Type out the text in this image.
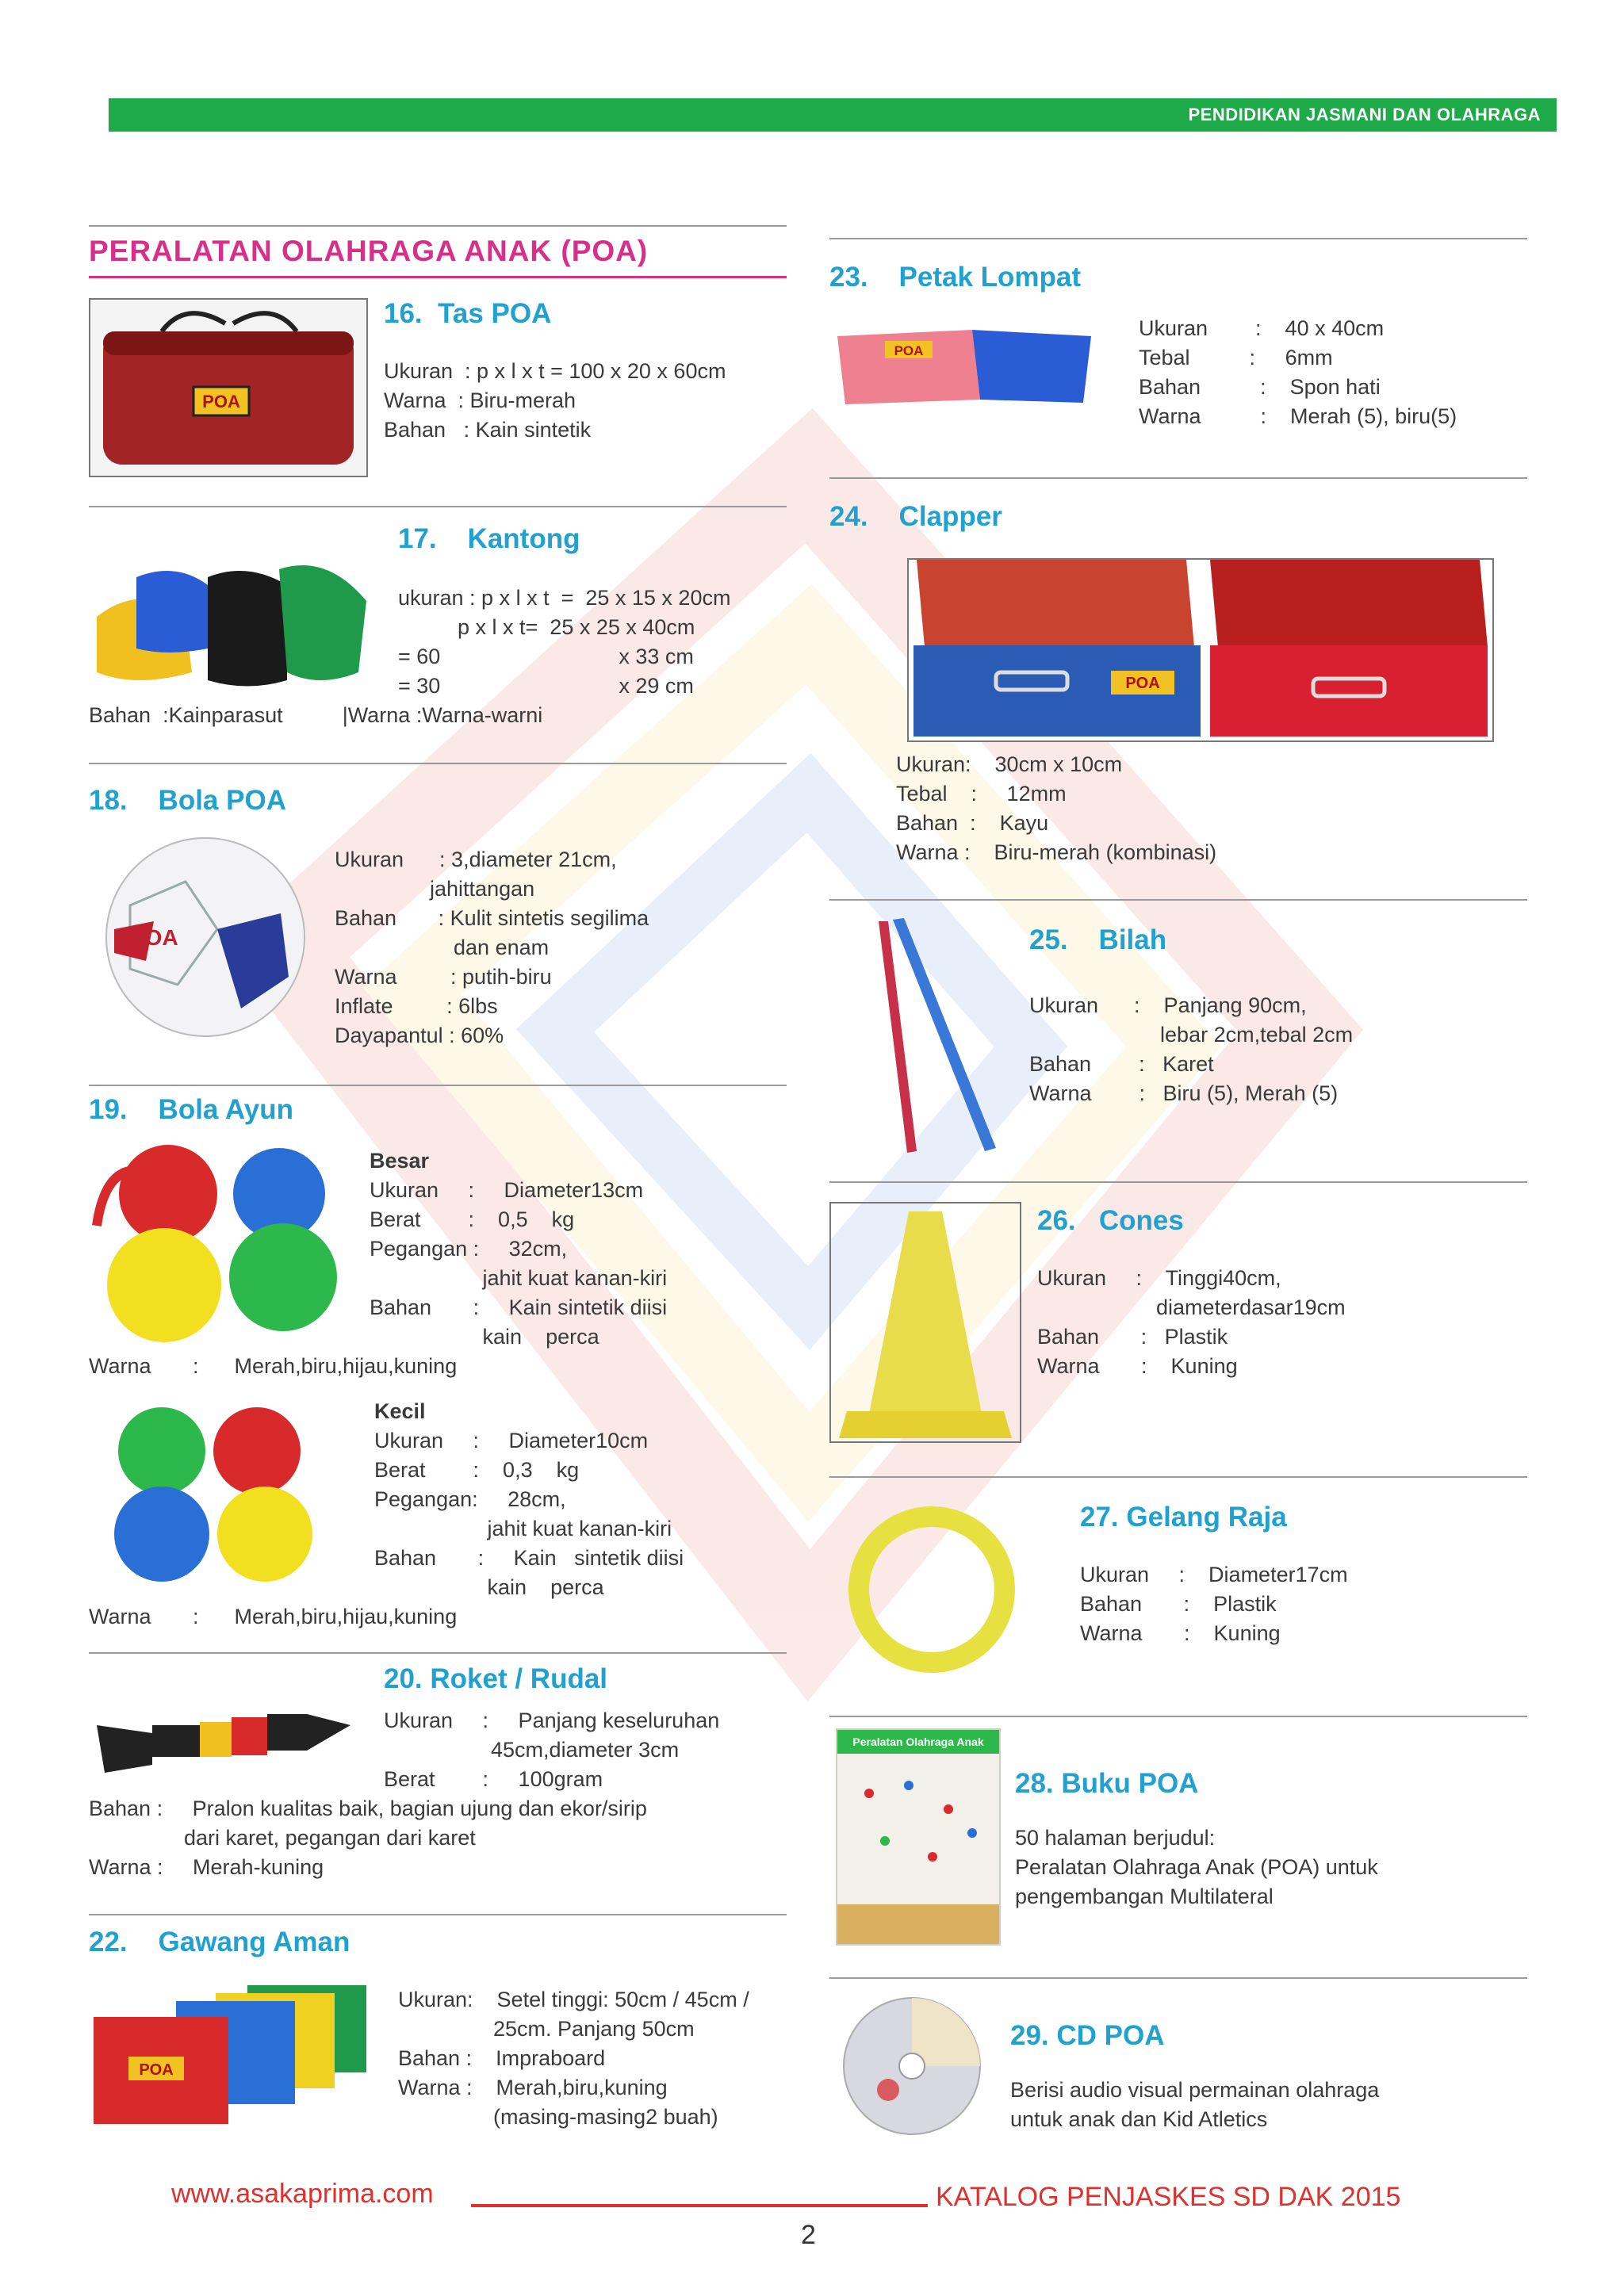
PENDIDIKAN JASMANI DAN OLAHRAGA
PERALATAN OLAHRAGA ANAK (POA)
POA
16.  Tas POA
Ukuran  : p x l x t = 100 x 20 x 60cm
Warna  : Biru-merah
Bahan   : Kain sintetik
17.    Kantong
ukuran : p x l x t  =  25 x 15 x 20cm
p x l x t=  25 x 25 x 40cm
= 60                              x 33 cm
= 30                              x 29 cm
Bahan  :Kainparasut          |Warna :Warna-warni
18.    Bola POA
POA
Ukuran      : 3,diameter 21cm,
jahittangan
Bahan       : Kulit sintetis segilima
dan enam
Warna         : putih-biru
Inflate         : 6lbs
Dayapantul : 60%
19.    Bola Ayun
Besar
Ukuran     :     Diameter13cm
Berat        :    0,5    kg
Pegangan :     32cm,
jahit kuat kanan-kiri
Bahan       :     Kain sintetik diisi
kain    perca
Warna       :      Merah,biru,hijau,kuning
Kecil
Ukuran     :     Diameter10cm
Berat        :    0,3    kg
Pegangan:     28cm,
jahit kuat kanan-kiri
Bahan       :     Kain   sintetik diisi
kain    perca
Warna       :      Merah,biru,hijau,kuning
20. Roket / Rudal
Ukuran     :     Panjang keseluruhan
45cm,diameter 3cm
Berat        :     100gram
Bahan :     Pralon kualitas baik, bagian ujung dan ekor/sirip
dari karet, pegangan dari karet
Warna :     Merah-kuning
22.    Gawang Aman
POA
Ukuran:    Setel tinggi: 50cm / 45cm /
25cm. Panjang 50cm
Bahan :    Impraboard
Warna :    Merah,biru,kuning
(masing-masing2 buah)
23.    Petak Lompat
POA
Ukuran        :    40 x 40cm
Tebal          :     6mm
Bahan          :    Spon hati
Warna          :    Merah (5), biru(5)
24.    Clapper
POA
Ukuran:    30cm x 10cm
Tebal    :     12mm
Bahan  :    Kayu
Warna :    Biru-merah (kombinasi)
25.    Bilah
Ukuran      :    Panjang 90cm,
lebar 2cm,tebal 2cm
Bahan        :   Karet
Warna        :   Biru (5), Merah (5)
26.   Cones
Ukuran     :    Tinggi40cm,
diameterdasar19cm
Bahan       :   Plastik
Warna       :    Kuning
27. Gelang Raja
Ukuran     :    Diameter17cm
Bahan       :    Plastik
Warna       :    Kuning
Peralatan Olahraga Anak
28. Buku POA
50 halaman berjudul:
Peralatan Olahraga Anak (POA) untuk
pengembangan Multilateral
29. CD POA
Berisi audio visual permainan olahraga
untuk anak dan Kid Atletics
www.asakaprima.com	KATALOG PENJASKES SD DAK 2015
2
